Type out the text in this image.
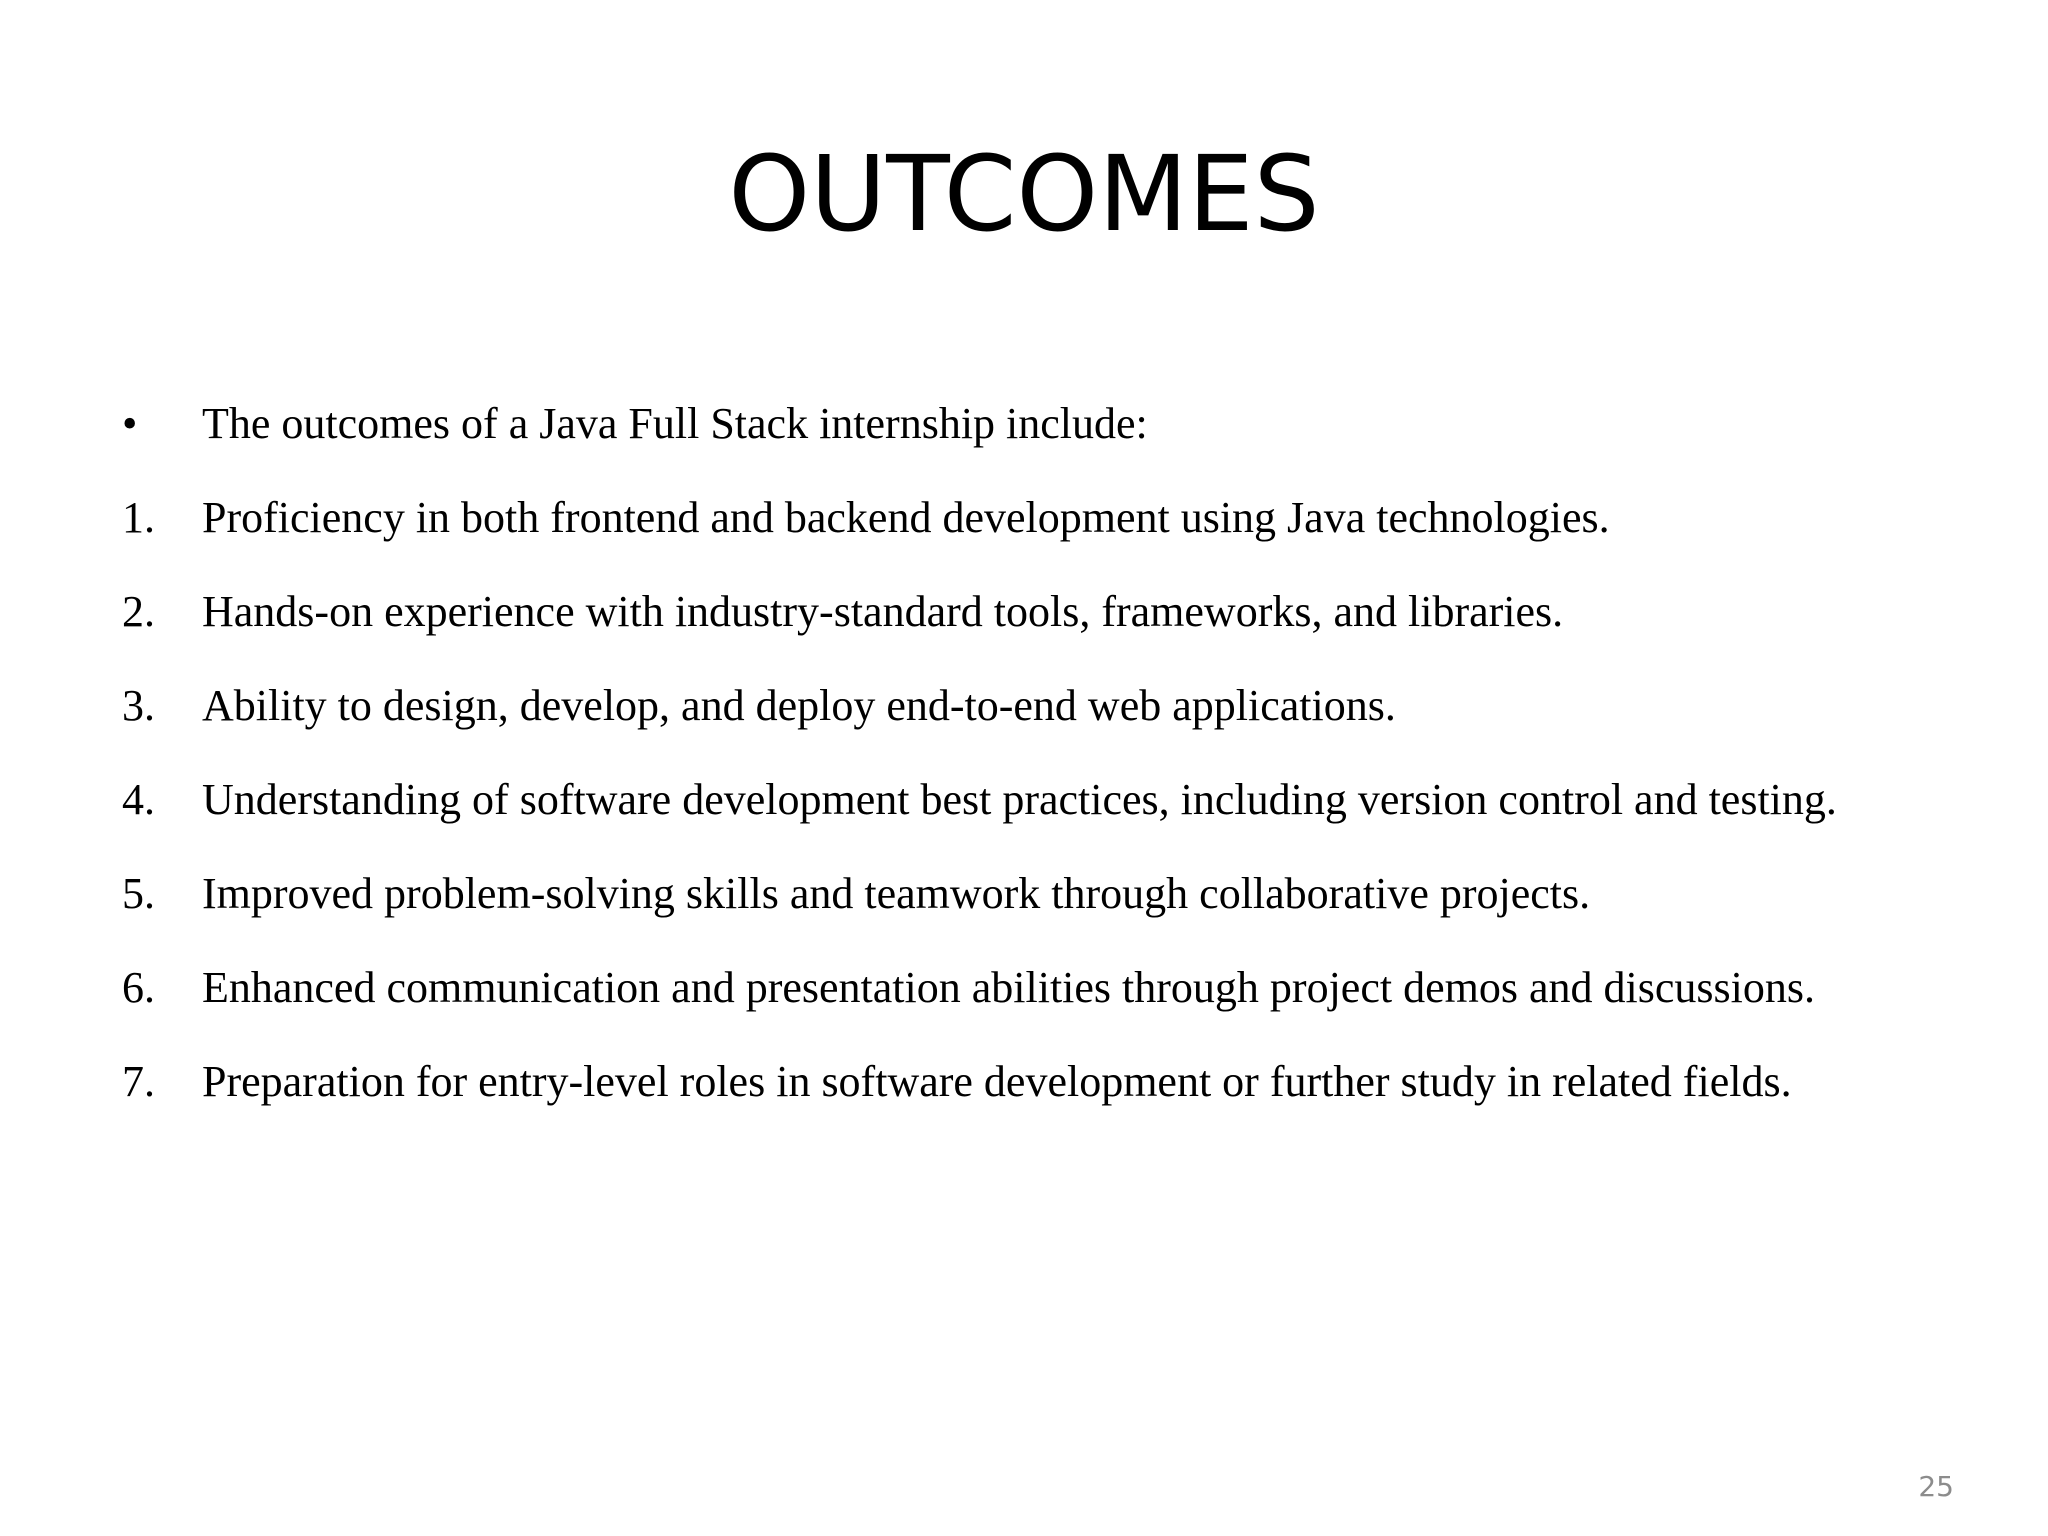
OUTCOMES
•	The outcomes of a Java Full Stack internship include:
1.	Proficiency in both frontend and backend development using Java technologies.
2.	Hands-on experience with industry-standard tools, frameworks, and libraries.
3.	Ability to design, develop, and deploy end-to-end web applications.
4.	Understanding of software development best practices, including version control and testing.
5.	Improved problem-solving skills and teamwork through collaborative projects.
6.	Enhanced communication and presentation abilities through project demos and discussions.
7.	Preparation for entry-level roles in software development or further study in related fields.
25
